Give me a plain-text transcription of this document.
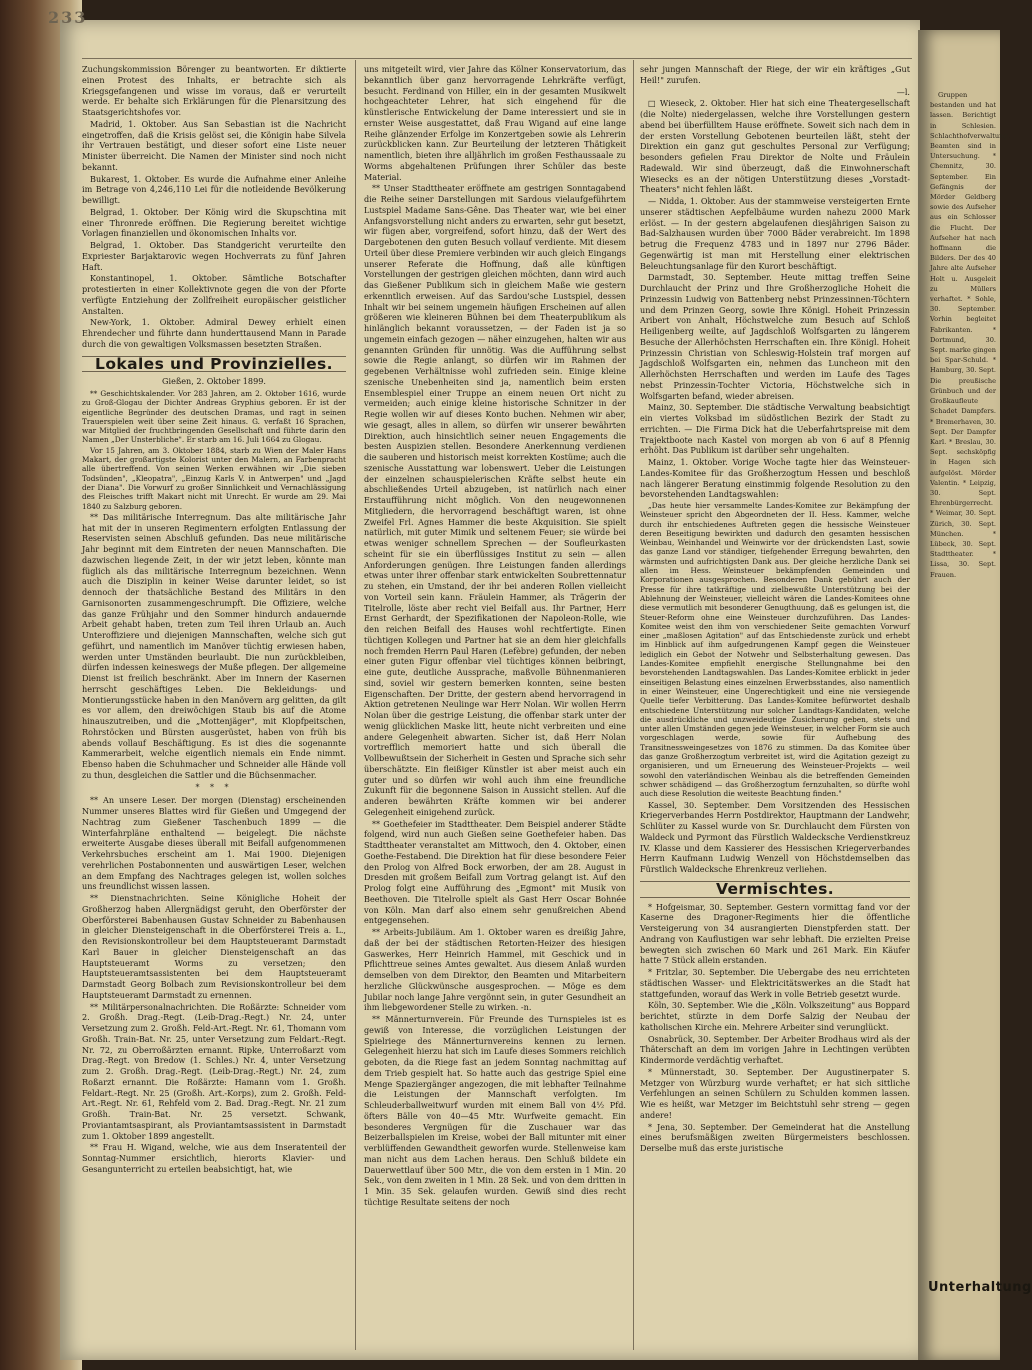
233

Zuchungskommission Börenger zu beantworten. Er diktierte einen Protest des Inhalts, er betrachte sich als Kriegsgefangenen und wisse im voraus, daß er verurteilt werde. Er behalte sich Erklärungen für die Plenarsitzung des Staatsgerichtshofes vor.

Madrid, 1. Oktober. Aus San Sebastian ist die Nachricht eingetroffen, daß die Krisis gelöst sei, die Königin habe Silvela ihr Vertrauen bestätigt, und dieser sofort eine Liste neuer Minister überreicht. Die Namen der Minister sind noch nicht bekannt.

Bukarest, 1. Oktober. Es wurde die Aufnahme einer Anleihe im Betrage von 4,246,110 Lei für die notleidende Bevölkerung bewilligt.

Belgrad, 1. Oktober. Der König wird die Skupschtina mit einer Thronrede eröffnen. Die Regierung bereitet wichtige Vorlagen finanziellen und ökonomischen Inhalts vor.

Belgrad, 1. Oktober. Das Standgericht verurteilte den Expriester Barjaktarovic wegen Hochverrats zu fünf Jahren Haft.

Konstantinopel, 1. Oktober. Sämtliche Botschafter protestierten in einer Kollektivnote gegen die von der Pforte verfügte Entziehung der Zollfreiheit europäischer geistlicher Anstalten.

New-York, 1. Oktober. Admiral Dewey erhielt einen Ehrendecher und führte dann hunderttausend Mann in Parade durch die von gewaltigen Volksmassen besetzten Straßen.

Lokales und Provinzielles.
Gießen, 2. Oktober 1899.

** Geschichtskalender. Vor 283 Jahren, am 2. Oktober 1616, wurde zu Groß-Glogau der Dichter Andreas Gryphius geboren. Er ist der eigentliche Begründer des deutschen Dramas, und ragt in seinen Trauerspielen weit über seine Zeit hinaus. G. verfaßt 16 Sprachen, war Mitglied der fruchtbringenden Gesellschaft und führte darin den Namen „Der Unsterbliche". Er starb am 16. Juli 1664 zu Glogau.

Vor 15 Jahren, am 3. Oktober 1884, starb zu Wien der Maler Hans Makart, der großartigste Kolorist unter den Malern, an Farbenpracht alle übertreffend. Von seinen Werken erwähnen wir „Die sieben Todsünden", „Kleopatra", „Einzug Karls V. in Antwerpen" und „Jagd der Diana". Die Vorwurf zu großer Sinnlichkeit und Vernachlässigung des Fleisches trifft Makart nicht mit Unrecht. Er wurde am 29. Mai 1840 zu Salzburg geboren.

** Das militärische Interregnum. Das alte militärische Jahr hat mit der in unseren Regimentern erfolgten Entlassung der Reservisten seinen Abschluß gefunden. Das neue militärische Jahr beginnt mit dem Eintreten der neuen Mannschaften. Die dazwischen liegende Zeit, in der wir jetzt leben, könnte man füglich als das militärische Interregnum bezeichnen. Wenn auch die Disziplin in keiner Weise darunter leidet, so ist dennoch der thatsächliche Bestand des Militärs in den Garnisonorten zusammengeschrumpft. Die Offiziere, welche das ganze Frühjahr und den Sommer hindurch andauernde Arbeit gehabt haben, treten zum Teil ihren Urlaub an. Auch Unteroffiziere und diejenigen Mannschaften, welche sich gut geführt, und namentlich im Manöver tüchtig erwiesen haben, werden unter Umständen beurlaubt. Die nun zurückbleiben, dürfen indessen keineswegs der Muße pflegen. Der allgemeine Dienst ist freilich beschränkt. Aber im Innern der Kasernen herrscht geschäftiges Leben. Die Bekleidungs- und Montierungsstücke haben in den Manövern arg gelitten, da gilt es vor allem, den dreiwöchigen Staub bis auf die Atome hinauszutreiben, und die „Mottenjäger", mit Klopfpeitschen, Rohrstöcken und Bürsten ausgerüstet, haben von früh bis abends vollauf Beschäftigung. Es ist dies die sogenannte Kammerarbeit, welche eigentlich niemals ein Ende nimmt. Ebenso haben die Schuhmacher und Schneider alle Hände voll zu thun, desgleichen die Sattler und die Büchsenmacher.

* * *

** An unsere Leser. Der morgen (Dienstag) erscheinenden Nummer unseres Blattes wird für Gießen und Umgegend der Nachtrag zum Gießener Taschenbuch 1899 — die Winterfahrpläne enthaltend — beigelegt. Die nächste erweiterte Ausgabe dieses überall mit Beifall aufgenommenen Verkehrsbuches erscheint am 1. Mai 1900. Diejenigen verehrlichen Postabonnenten und auswärtigen Leser, welchen an dem Empfang des Nachtrages gelegen ist, wollen solches uns freundlichst wissen lassen.

** Dienstnachrichten. Seine Königliche Hoheit der Großherzog haben Allergnädigst geruht, den Oberförster der Oberförsterei Babenhausen Gustav Schneider zu Babenhausen in gleicher Diensteigenschaft in die Oberförsterei Treis a. L., den Revisionskontrolleur bei dem Hauptsteueramt Darmstadt Karl Bauer in gleicher Diensteigenschaft an das Hauptsteueramt Worms zu versetzen; den Hauptsteueramtsassistenten bei dem Hauptsteueramt Darmstadt Georg Bolbach zum Revisionskontrolleur bei dem Hauptsteueramt Darmstadt zu ernennen.

** Militärpersonalnachrichten. Die Roßärzte: Schneider vom 2. Großh. Drag.-Regt. (Leib-Drag.-Regt.) Nr. 24, unter Versetzung zum 2. Großh. Feld-Art.-Regt. Nr. 61, Thomann vom Großh. Train-Bat. Nr. 25, unter Versetzung zum Feldart.-Regt. Nr. 72, zu Oberroßärzten ernannt. Ripke, Unterroßarzt vom Drag.-Regt. von Bredow (1. Schles.) Nr. 4, unter Versetzung zum 2. Großh. Drag.-Regt. (Leib-Drag.-Regt.) Nr. 24, zum Roßarzt ernannt. Die Roßärzte: Hamann vom 1. Großh. Feldart.-Regt. Nr. 25 (Großh. Art.-Korps), zum 2. Großh. Feld-Art.-Regt. Nr. 61, Rehfeld vom 2. Bad. Drag.-Regt. Nr. 21 zum Großh. Train-Bat. Nr. 25 versetzt. Schwank, Proviantamtsaspirant, als Proviantamtsassistent in Darmstadt zum 1. Oktober 1899 angestellt.

** Frau H. Wigand, welche, wie aus dem Inseratenteil der Sonntag-Nummer ersichtlich, hierorts Klavier- und Gesangunterricht zu erteilen beabsichtigt, hat, wie

uns mitgeteilt wird, vier Jahre das Kölner Konservatorium, das bekanntlich über ganz hervorragende Lehrkräfte verfügt, besucht. Ferdinand von Hiller, ein in der gesamten Musikwelt hochgeachteter Lehrer, hat sich eingehend für die künstlerische Entwickelung der Dame interessiert und sie in ernster Weise ausgestattet, daß Frau Wigand auf eine lange Reihe glänzender Erfolge im Konzertgeben sowie als Lehrerin zurückblicken kann. Zur Beurteilung der letzteren Thätigkeit namentlich, bieten ihre alljährlich im großen Festhaussaale zu Worms abgehaltenen Prüfungen ihrer Schüler das beste Material.

** Unser Stadttheater eröffnete am gestrigen Sonntagabend die Reihe seiner Darstellungen mit Sardous vielaufgeführtem Lustspiel Madame Sans-Gêne. Das Theater war, wie bei einer Anfangsvorstellung nicht anders zu erwarten, sehr gut besetzt, wir fügen aber, vorgreifend, sofort hinzu, daß der Wert des Dargebotenen den guten Besuch vollauf verdiente. Mit diesem Urteil über diese Premiere verbinden wir auch gleich Eingangs unserer Referate die Hoffnung, daß alle künftigen Vorstellungen der gestrigen gleichen möchten, dann wird auch das Gießener Publikum sich in gleichem Maße wie gestern erkenntlich erweisen. Auf das Sardou'sche Lustspiel, dessen Inhalt wir bei seinem ungemein häufigen Erscheinen auf allen größeren wie kleineren Bühnen bei dem Theaterpublikum als hinlänglich bekannt voraussetzen, — der Faden ist ja so ungemein einfach gezogen — näher einzugehen, halten wir aus genannten Gründen für unnötig. Was die Aufführung selbst sowie die Regie anlangt, so dürfen wir im Rahmen der gegebenen Verhältnisse wohl zufrieden sein. Einige kleine szenische Unebenheiten sind ja, namentlich beim ersten Ensemblespiel einer Truppe an einem neuen Ort nicht zu vermeiden; auch einige kleine historische Schnitzer in der Regie wollen wir auf dieses Konto buchen. Nehmen wir aber, wie gesagt, alles in allem, so dürfen wir unserer bewährten Direktion, auch hinsichtlich seiner neuen Engagements die besten Auspizien stellen. Besondere Anerkennung verdienen die sauberen und historisch meist korrekten Kostüme; auch die szenische Ausstattung war lobenswert. Ueber die Leistungen der einzelnen schauspielerischen Kräfte selbst heute ein abschließendes Urteil abzugeben, ist natürlich nach einer Erstaufführung nicht möglich. Von den neugewonnenen Mitgliedern, die hervorragend beschäftigt waren, ist ohne Zweifel Frl. Agnes Hammer die beste Akquisition. Sie spielt natürlich, mit guter Mimik und seltenem Feuer; sie würde bei etwas weniger schnellem Sprechen — der Soufleurkasten scheint für sie ein überflüssiges Institut zu sein — allen Anforderungen genügen. Ihre Leistungen fanden allerdings etwas unter ihrer offenbar stark entwickelten Soubrettennatur zu stehen, ein Umstand, der ihr bei anderen Rollen vielleicht von Vorteil sein kann. Fräulein Hammer, als Trägerin der Titelrolle, löste aber recht viel Beifall aus. Ihr Partner, Herr Ernst Gerhardt, der Spezifikationen der Napoleon-Rolle, wie den reichen Beifall des Hauses wohl rechtfertigte. Einen tüchtigen Kollegen und Partner hat sie an dem hier gleichfalls noch fremden Herrn Paul Haren (Lefèbre) gefunden, der neben einer guten Figur offenbar viel tüchtiges können beibringt, eine gute, deutliche Aussprache, maßvolle Bühnenmanieren sind, soviel wir gestern bemerken konnten, seine besten Eigenschaften. Der Dritte, der gestern abend hervorragend in Aktion getretenen Neulinge war Herr Nolan. Wir wollen Herrn Nolan über die gestrige Leistung, die offenbar stark unter der wenig glücklichen Maske litt, heute nicht verbreiten und eine andere Gelegenheit abwarten. Sicher ist, daß Herr Nolan vortrefflich memoriert hatte und sich überall die Vollbewußtsein der Sicherheit in Gesten und Sprache sich sehr überschätzte. Ein fleißiger Künstler ist aber meist auch ein guter und so dürfen wir wohl auch ihm eine freundliche Zukunft für die begonnene Saison in Aussicht stellen. Auf die anderen bewährten Kräfte kommen wir bei anderer Gelegenheit einigehend zurück.

** Goethefeier im Stadttheater. Dem Beispiel anderer Städte folgend, wird nun auch Gießen seine Goethefeier haben. Das Stadttheater veranstaltet am Mittwoch, den 4. Oktober, einen Goethe-Festabend. Die Direktion hat für diese besondere Feier den Prolog von Alfred Bock erworben, der am 28. August in Dresden mit großem Beifall zum Vortrag gelangt ist. Auf den Prolog folgt eine Aufführung des „Egmont" mit Musik von Beethoven. Die Titelrolle spielt als Gast Herr Oscar Bohnée von Köln. Man darf also einem sehr genußreichen Abend entgegensehen.

** Arbeits-Jubiläum. Am 1. Oktober waren es dreißig Jahre, daß der bei der städtischen Retorten-Heizer des hiesigen Gaswerkes, Herr Heinrich Hammel, mit Geschick und in Pflichttreue seines Amtes gewaltet. Aus diesem Anlaß wurden demselben von dem Direktor, den Beamten und Mitarbeitern herzliche Glückwünsche ausgesprochen. — Möge es dem Jubilar noch lange Jahre vergönnt sein, in guter Gesundheit an ihm liebgewordener Stelle zu wirken. -n.

** Männerturnverein. Für Freunde des Turnspieles ist es gewiß von Interesse, die vorzüglichen Leistungen der Spielriege des Männerturnvereins kennen zu lernen. Gelegenheit hierzu hat sich im Laufe dieses Sommers reichlich geboten, da die Riege fast an jedem Sonntag nachmittag auf dem Trieb gespielt hat. So hatte auch das gestrige Spiel eine Menge Spaziergänger angezogen, die mit lebhafter Teilnahme die Leistungen der Mannschaft verfolgten. Im Schleuderballweitwurf wurden mit einem Ball von 4½ Pfd. öfters Bälle von 40—45 Mtr. Wurfweite gemacht. Ein besonderes Vergnügen für die Zuschauer war das Beizerballspielen im Kreise, wobei der Ball mitunter mit einer verblüffenden Gewandtheit geworfen wurde. Stellenweise kam man nicht aus dem Lachen heraus. Den Schluß bildete ein Dauerwettlauf über 500 Mtr., die von dem ersten in 1 Min. 20 Sek., von dem zweiten in 1 Min. 28 Sek. und von dem dritten in 1 Min. 35 Sek. gelaufen wurden. Gewiß sind dies recht tüchtige Resultate seitens der noch

sehr jungen Mannschaft der Riege, der wir ein kräftiges „Gut Heil!" zurufen.

—l.

□ Wieseck, 2. Oktober. Hier hat sich eine Theatergesellschaft (die Nolte) niedergelassen, welche ihre Vorstellungen gestern abend bei überfülltem Hause eröffnete. Soweit sich nach dem in der ersten Vorstellung Gebotenen beurteilen läßt, steht der Direktion ein ganz gut geschultes Personal zur Verfügung; besonders gefielen Frau Direktor de Nolte und Fräulein Radewald. Wir sind überzeugt, daß die Einwohnerschaft Wiesecks es an der nötigen Unterstützung dieses „Vorstadt-Theaters" nicht fehlen läßt.

— Nidda, 1. Oktober. Aus der stammweise versteigerten Ernte unserer städtischen Aepfelbäume wurden nahezu 2000 Mark erlöst. — In der gestern abgelaufenen diesjährigen Saison zu Bad-Salzhausen wurden über 7000 Bäder verabreicht. Im 1898 betrug die Frequenz 4783 und in 1897 nur 2796 Bäder. Gegenwärtig ist man mit Herstellung einer elektrischen Beleuchtungsanlage für den Kurort beschäftigt.

Darmstadt, 30. September. Heute mittag treffen Seine Durchlaucht der Prinz und Ihre Großherzogliche Hoheit die Prinzessin Ludwig von Battenberg nebst Prinzessinnen-Töchtern und dem Prinzen Georg, sowie Ihre Königl. Hoheit Prinzessin Aribert von Anhalt, Höchstwelche zum Besuch auf Schloß Heiligenberg weilte, auf Jagdschloß Wolfsgarten zu längerem Besuche der Allerhöchsten Herrschaften ein. Ihre Königl. Hoheit Prinzessin Christian von Schleswig-Holstein traf morgen auf Jagdschloß Wolfsgarten ein, nehmen das Luncheon mit den Allerhöchsten Herrschaften und werden im Laufe des Tages nebst Prinzessin-Tochter Victoria, Höchstwelche sich in Wolfsgarten befand, wieder abreisen.

Mainz, 30. September. Die städtische Verwaltung beabsichtigt ein viertes Volksbad im südöstlichen Bezirk der Stadt zu errichten. — Die Firma Dick hat die Ueberfahrtspreise mit dem Trajektboote nach Kastel von morgen ab von 6 auf 8 Pfennig erhöht. Das Publikum ist darüber sehr ungehalten.

Mainz, 1. Oktober. Vorige Woche tagte hier das Weinsteuer-Landes-Komitee für das Großherzogtum Hessen und beschloß nach längerer Beratung einstimmig folgende Resolution zu den bevorstehenden Landtagswahlen:

„Das heute hier versammelte Landes-Komitee zur Bekämpfung der Weinsteuer spricht den Abgeordneten der II. Hess. Kammer, welche durch ihr entschiedenes Auftreten gegen die hessische Weinsteuer deren Beseitigung bewirkten und dadurch den gesamten hessischen Weinbau, Weinhandel und Weinwirte vor der drückendsten Last, sowie das ganze Land vor ständiger, tiefgehender Erregung bewahrten, den wärmsten und aufrichtigsten Dank aus. Der gleiche herzliche Dank sei allen im Hess. Weinsteuer bekämpfenden Gemeinden und Korporationen ausgesprochen. Besonderen Dank gebührt auch der Presse für ihre tatkräftige und zielbewußte Unterstützung bei der Ablehnung der Weinsteuer, vielleicht wären die Landes-Komitees ohne diese vermutlich mit besonderer Genugthuung, daß es gelungen ist, die Steuer-Reform ohne eine Weinsteuer durchzuführen. Das Landes-Komitee weist den ihm von verschiedener Seite gemachten Vorwurf einer „maßlosen Agitation" auf das Entschiedenste zurück und erhebt im Hinblick auf ihm aufgedrungenen Kampf gegen die Weinsteuer lediglich ein Gebot der Notwehr und Selbsterhaltung gewesen. Das Landes-Komitee empfiehlt energische Stellungnahme bei den bevorstehenden Landtagswahlen. Das Landes-Komitee erblickt in jeder einseitigen Belastung eines einzelnen Erwerbsstandes, also namentlich in einer Weinsteuer, eine Ungerechtigkeit und eine nie versiegende Quelle tiefer Verbitterung. Das Landes-Komitee befürwortet deshalb entschiedene Unterstützung nur solcher Landtags-Kandidaten, welche die ausdrückliche und unzweideutige Zusicherung geben, stets und unter allen Umständen gegen jede Weinsteuer, in welcher Form sie auch vorgeschlagen werde, sowie für Aufhebung des Transitnessweingesetzes von 1876 zu stimmen. Da das Komitee über das ganze Großherzogtum verbreitet ist, wird die Agitation gezeigt zu organisieren, und um Erneuerung des Weinsteuer-Projekts — weil sowohl den vaterländischen Weinbau als die betreffenden Gemeinden schwer schädigend — das Großherzogtum fernzuhalten, so dürfte wohl auch diese Resolution die weiteste Beachtung finden."

Kassel, 30. September. Dem Vorsitzenden des Hessischen Kriegerverbandes Herrn Postdirektor, Hauptmann der Landwehr, Schlüter zu Kassel wurde von Sr. Durchlaucht dem Fürsten von Waldeck und Pyrmont das Fürstlich Waldecksche Verdienstkreuz IV. Klasse und dem Kassierer des Hessischen Kriegerverbandes Herrn Kaufmann Ludwig Wenzell von Höchstdemselben das Fürstlich Waldecksche Ehrenkreuz verliehen.

Vermischtes.

* Hofgeismar, 30. September. Gestern vormittag fand vor der Kaserne des Dragoner-Regiments hier die öffentliche Versteigerung von 34 ausrangierten Dienstpferden statt. Der Andrang von Kauflustigen war sehr lebhaft. Die erzielten Preise bewegten sich zwischen 60 Mark und 261 Mark. Ein Käufer hatte 7 Stück allein erstanden.

* Fritzlar, 30. September. Die Uebergabe des neu errichteten städtischen Wasser- und Elektricitätswerkes an die Stadt hat stattgefunden, worauf das Werk in volle Betrieb gesetzt wurde.

Köln, 30. September. Wie die „Köln. Volkszeitung" aus Boppard berichtet, stürzte in dem Dorfe Salzig der Neubau der katholischen Kirche ein. Mehrere Arbeiter sind verunglückt.

Osnabrück, 30. September. Der Arbeiter Brodhaus wird als der Thäterschaft an dem im vorigen Jahre in Lechtingen verübten Kindermorde verdächtig verhaftet.

* Münnerstadt, 30. September. Der Augustinerpater S. Metzger von Würzburg wurde verhaftet; er hat sich sittliche Verfehlungen an seinen Schülern zu Schulden kommen lassen. Wie es heißt, war Metzger im Beichtstuhl sehr streng — gegen andere!

* Jena, 30. September. Der Gemeinderat hat die Anstellung eines berufsmäßigen zweiten Bürgermeisters beschlossen. Derselbe muß das erste juristische

Gruppen bestanden und hat lassen. Berichtigt in Schlesien. Schlachthofverwaltung. Beamten sind in Untersuchung. * Chemnitz, 30. September. Ein Gefängnis der Mörder Geldberg sowie des Aufseher aus ein Schlosser die Flucht. Der Aufseher hat nach hoffmann die Bilders. Der des 40 Jahre alte Aufseher Holt u. Ausgeleit zu Müllers verhaftet. * Sohle, 30. September. Vorhin begleitet Fabrikanten. * Dortmund, 30. Sept. marke gingen bei Spar-Schuld. * Hamburg, 30. Sept. Die preußische Grünbuch und der Großkaufleute Schadet Dampfers. * Bremerhaven, 30. Sept. Der Dampfer Karl. * Breslau, 30. Sept. sechsköpfig in Hagen sich aufgelöst. Mörder Valentin. * Leipzig, 30. Sept. Ehrenbürgerrecht. * Weimar, 30. Sept. Zürich, 30. Sept. München. * Lübeck, 30. Sept. Stadttheater. * Lissa, 30. Sept. Frauen.

Unterhaltung
